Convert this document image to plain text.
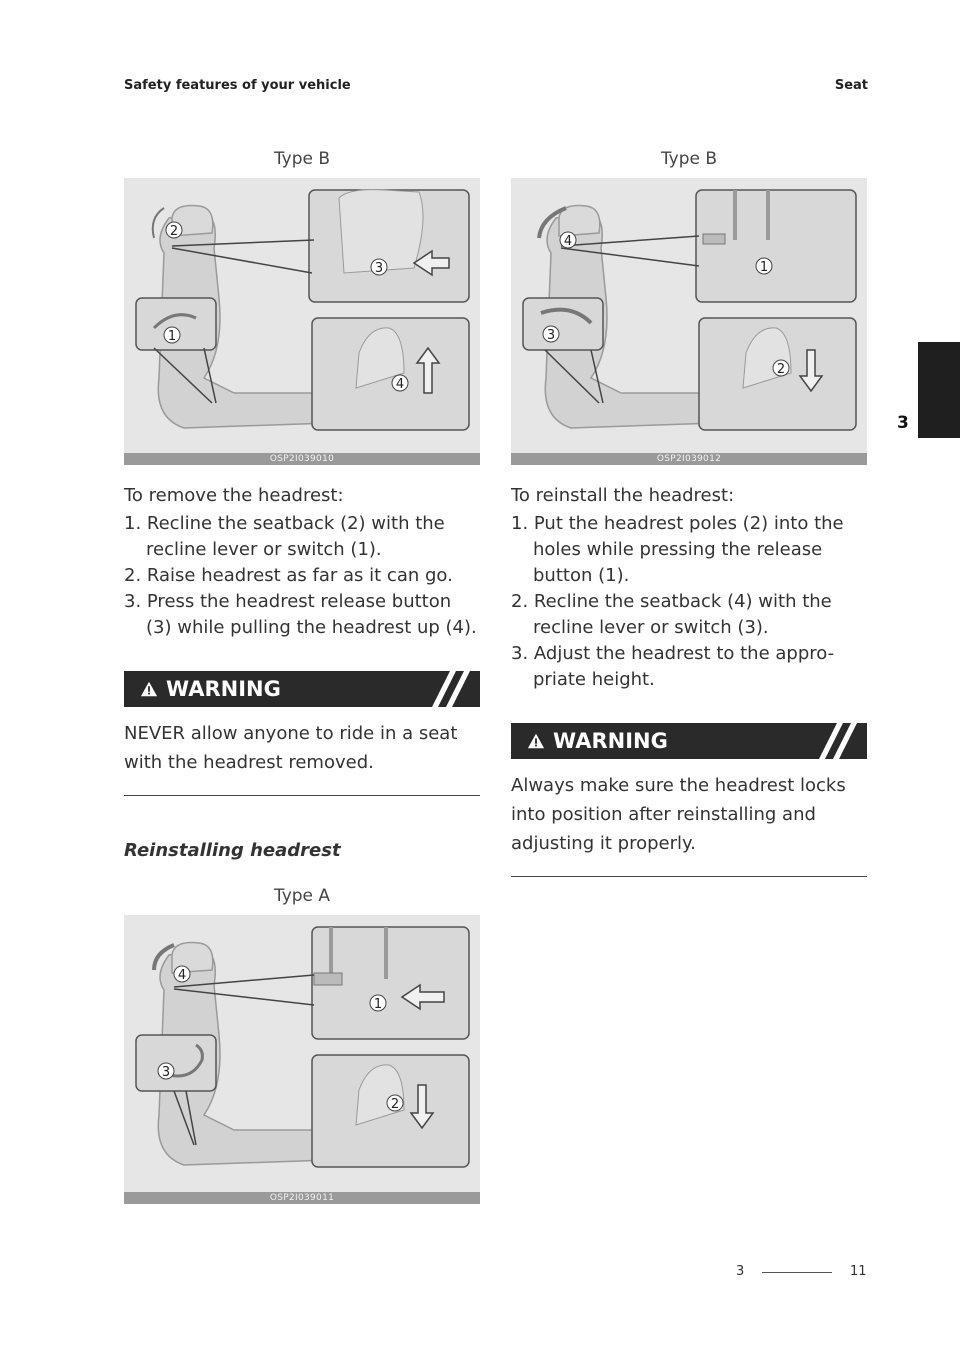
Safety features of your vehicle	Seat
3
Type B
2
3
1
4
OSP2I039010
To remove the headrest:
1. Recline the seatback (2) with the recline lever or switch (1).
2. Raise headrest as far as it can go.
3. Press the headrest release button (3) while pulling the headrest up (4).
WARNING
NEVER allow anyone to ride in a seat with the headrest removed.
Reinstalling headrest
Type A
4
1
3
2
OSP2I039011
Type B
4
1
3
2
OSP2I039012
To reinstall the headrest:
1. Put the headrest poles (2) into the holes while pressing the release button (1).
2. Recline the seatback (4) with the recline lever or switch (3).
3. Adjust the headrest to the appro- priate height.
WARNING
Always make sure the headrest locks into position after reinstalling and adjusting it properly.
3	11
